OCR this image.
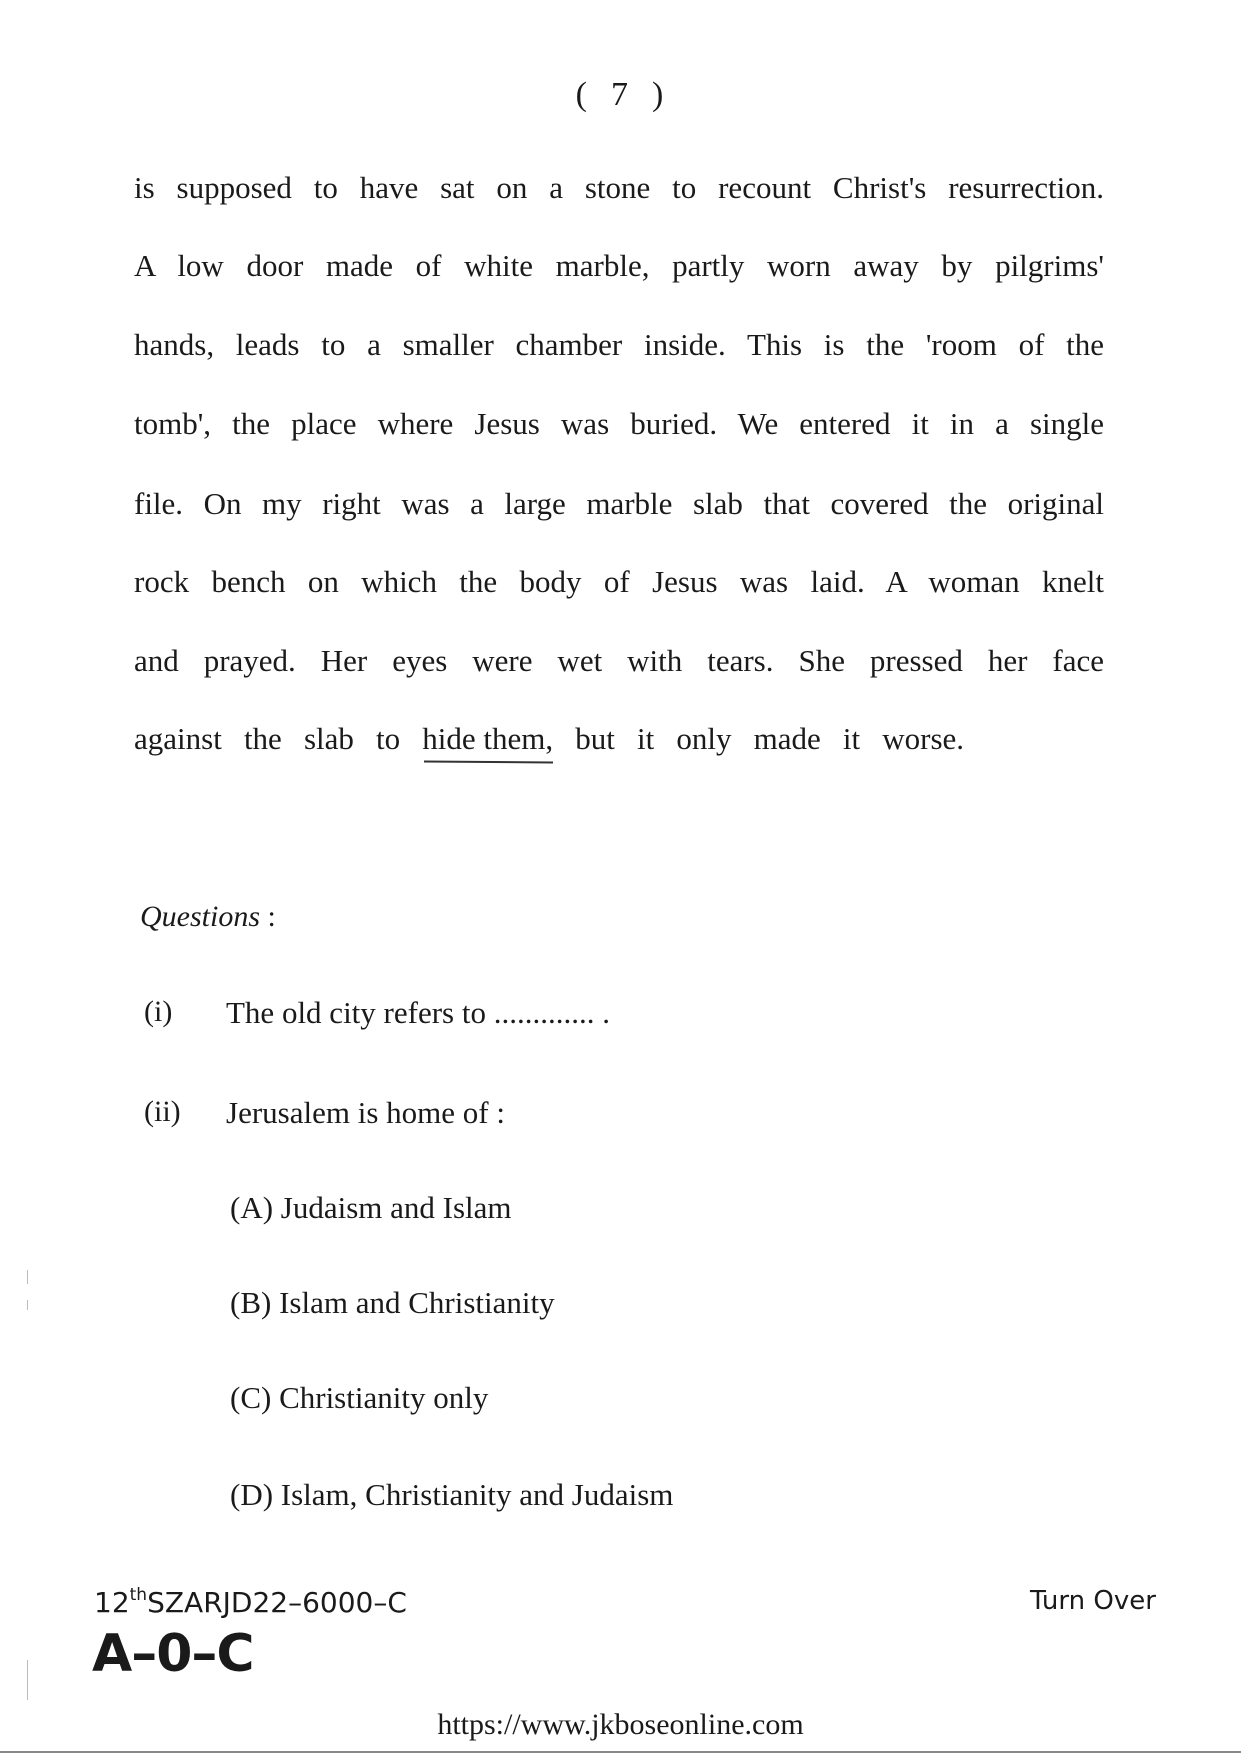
( 7 )
is supposed to have sat on a stone to recount Christ's resurrection.
A low door made of white marble, partly worn away by pilgrims'
hands, leads to a smaller chamber inside. This is the 'room of the
tomb', the place where Jesus was buried. We entered it in a single
file. On my right was a large marble slab that covered the original
rock bench on which the body of Jesus was laid. A woman knelt
and prayed. Her eyes were wet with tears. She pressed her face
against the slab to hide them, but it only made it worse.
Questions :
(i) The old city refers to ............. .
(ii) Jerusalem is home of :
(A) Judaism and Islam
(B) Islam and Christianity
(C) Christianity only
(D) Islam, Christianity and Judaism
12thSZARJD22–6000–C	Turn Over
A–0–C
https://www.jkboseonline.com
